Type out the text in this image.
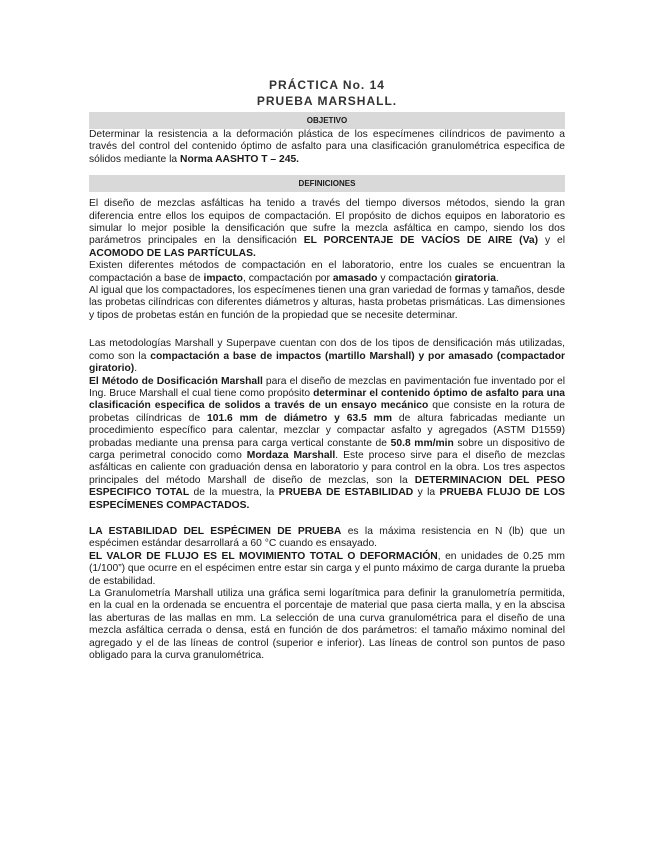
PRÁCTICA No. 14
PRUEBA MARSHALL.
OBJETIVO

Determinar la resistencia a la deformación plástica de los especímenes cilíndricos de pavimento a través del control del contenido óptimo de asfalto para una clasificación granulométrica especifica de sólidos mediante la Norma AASHTO T – 245.

DEFINICIONES

El diseño de mezclas asfálticas ha tenido a través del tiempo diversos métodos, siendo la gran diferencia entre ellos los equipos de compactación. El propósito de dichos equipos en laboratorio es simular lo mejor posible la densificación que sufre la mezcla asfáltica en campo, siendo los dos parámetros principales en la densificación EL PORCENTAJE DE VACÍOS DE AIRE (Va) y el ACOMODO DE LAS PARTÍCULAS.

Existen diferentes métodos de compactación en el laboratorio, entre los cuales se encuentran la compactación a base de impacto, compactación por amasado y compactación giratoria.

Al igual que los compactadores, los especímenes tienen una gran variedad de formas y tamaños, desde las probetas cilíndricas con diferentes diámetros y alturas, hasta probetas prismáticas. Las dimensiones y tipos de probetas están en función de la propiedad que se necesite determinar.

Las metodologías Marshall y Superpave cuentan con dos de los tipos de densificación más utilizadas, como son la compactación a base de impactos (martillo Marshall) y por amasado (compactador giratorio).

El Método de Dosificación Marshall para el diseño de mezclas en pavimentación fue inventado por el Ing. Bruce Marshall el cual tiene como propósito determinar el contenido óptimo de asfalto para una clasificación especifica de solidos a través de un ensayo mecánico que consiste en la rotura de probetas cilíndricas de 101.6 mm de diámetro y 63.5 mm de altura fabricadas mediante un procedimiento específico para calentar, mezclar y compactar asfalto y agregados (ASTM D1559) probadas mediante una prensa para carga vertical constante de 50.8 mm/min sobre un dispositivo de carga perimetral conocido como Mordaza Marshall. Este proceso sirve para el diseño de mezclas asfálticas en caliente con graduación densa en laboratorio y para control en la obra. Los tres aspectos principales del método Marshall de diseño de mezclas, son la DETERMINACION DEL PESO ESPECIFICO TOTAL de la muestra, la PRUEBA DE ESTABILIDAD y la PRUEBA FLUJO DE LOS ESPECÍMENES COMPACTADOS.

LA ESTABILIDAD DEL ESPÉCIMEN DE PRUEBA es la máxima resistencia en N (lb) que un espécimen estándar desarrollará a 60 °C cuando es ensayado.

EL VALOR DE FLUJO ES EL MOVIMIENTO TOTAL O DEFORMACIÓN, en unidades de 0.25 mm (1/100”) que ocurre en el espécimen entre estar sin carga y el punto máximo de carga durante la prueba de estabilidad.

La Granulometría Marshall utiliza una gráfica semi logarítmica para definir la granulometría permitida, en la cual en la ordenada se encuentra el porcentaje de material que pasa cierta malla, y en la abscisa las aberturas de las mallas en mm. La selección de una curva granulométrica para el diseño de una mezcla asfáltica cerrada o densa, está en función de dos parámetros: el tamaño máximo nominal del agregado y el de las líneas de control (superior e inferior). Las líneas de control son puntos de paso obligado para la curva granulométrica.
